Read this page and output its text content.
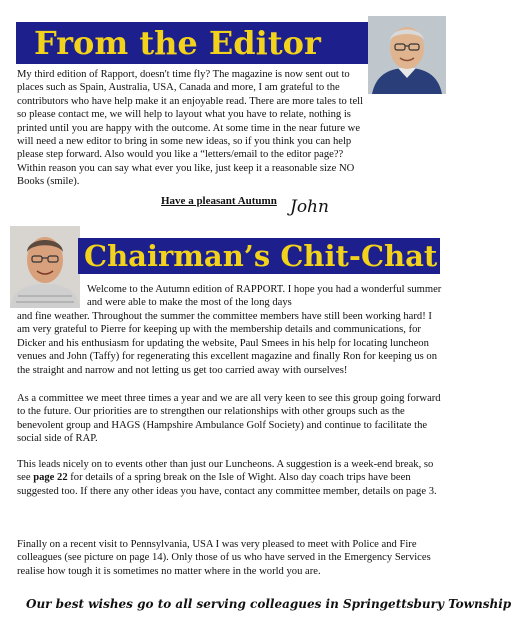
From the Editor

My third edition of Rapport, doesn't time fly? The magazine is now sent out to places such as Spain, Australia, USA, Canada and more, I am grateful to the contributors who have help make it an enjoyable read. There are more tales to tell so please contact me, we will help to layout what you have to relate, nothing is printed until you are happy with the outcome. At some time in the near future we will need a new editor to bring in some new ideas, so if you think you can help please step forward. Also would you like a “letters/email to the editor page?? Within reason you can say what ever you like, just keep it a reasonable size NO Books (smile).

Have a pleasant Autumn John
Chairman’s Chit-Chat

Welcome to the Autumn edition of RAPPORT. I hope you had a wonderful summer and were able to make the most of the long days

and fine weather. Throughout the summer the committee members have still been working hard! I am very grateful to Pierre for keeping up with the membership details and communications, for Dicker and his enthusiasm for updating the website, Paul Smees in his help for locating luncheon venues and John (Taffy) for regenerating this excellent magazine and finally Ron for keeping us on the straight and narrow and not letting us get too carried away with ourselves!

As a committee we meet three times a year and we are all very keen to see this group going forward to the future. Our priorities are to strengthen our relationships with other groups such as the benevolent group and HAGS (Hampshire Ambulance Golf Society) and continue to facilitate the social side of RAP.

This leads nicely on to events other than just our Luncheons. A suggestion is a week-end break, so see page 22 for details of a spring break on the Isle of Wight. Also day coach trips have been suggested too. If there any other ideas you have, contact any committee member, details on page 3.

Finally on a recent visit to Pennsylvania, USA I was very pleased to meet with Police and Fire colleagues (see picture on page 14). Only those of us who have served in the Emergency Services realise how tough it is sometimes no matter where in the world you are.

Our best wishes go to all serving colleagues in Springettsbury Township
